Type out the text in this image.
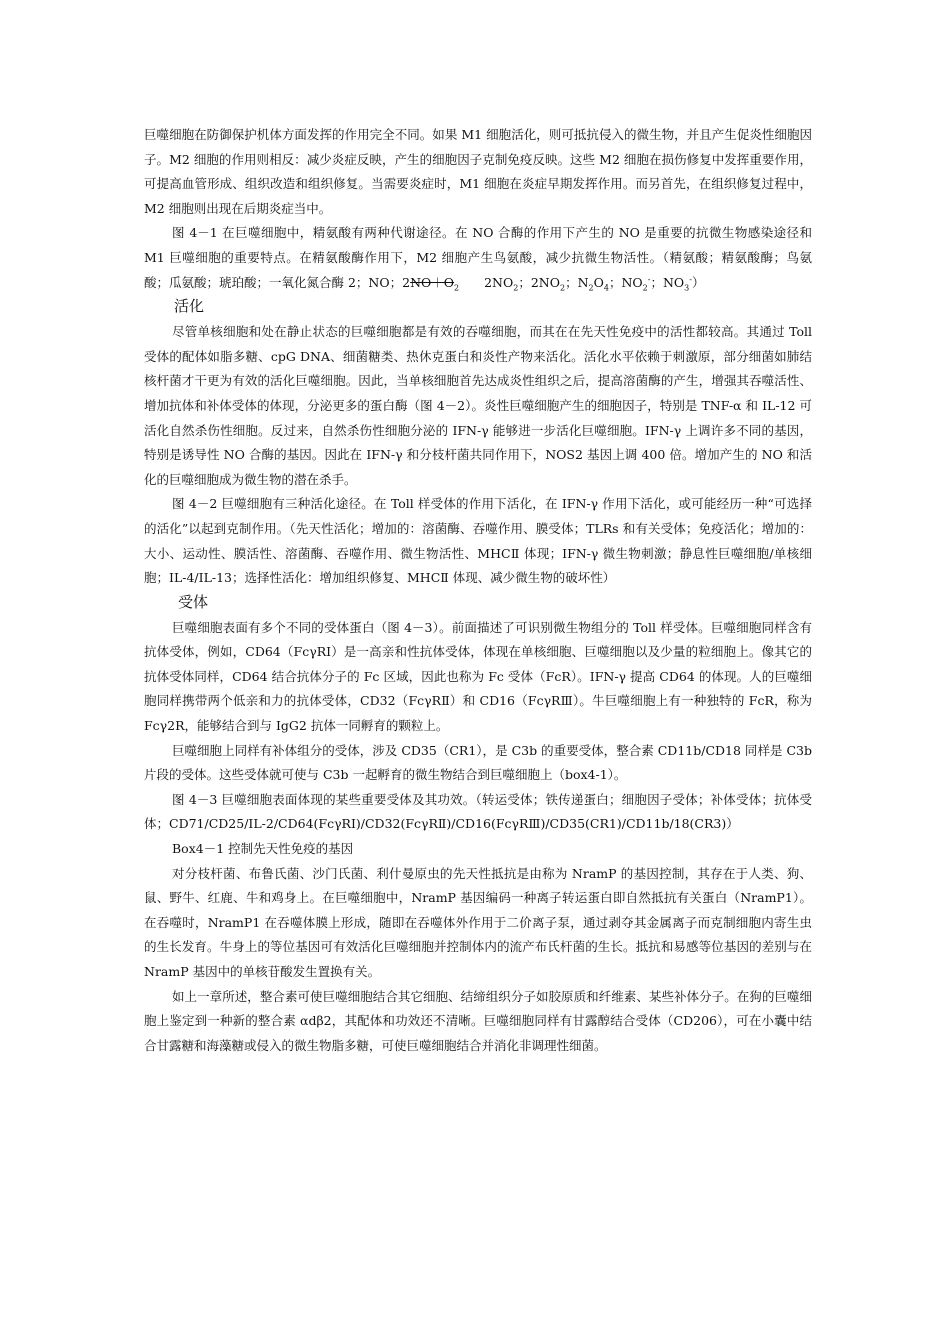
巨噬细胞在防御保护机体方面发挥的作用完全不同。如果 M1 细胞活化，则可抵抗侵入的微生物，并且产生促炎性细胞因子。M2 细胞的作用则相反：减少炎症反映，产生的细胞因子克制免疫反映。这些 M2 细胞在损伤修复中发挥重要作用，可提高血管形成、组织改造和组织修复。当需要炎症时，M1 细胞在炎症早期发挥作用。而另首先，在组织修复过程中，M2 细胞则出现在后期炎症当中。

图 4－1 在巨噬细胞中，精氨酸有两种代谢途径。在 NO 合酶的作用下产生的 NO 是重要的抗微生物感染途径和 M1 巨噬细胞的重要特点。在精氨酸酶作用下，M2 细胞产生鸟氨酸，减少抗微生物活性。（精氨酸；精氨酸酶；鸟氨酸；瓜氨酸；琥珀酸；一氧化氮合酶 2；NO；$2NO+O_2$　　$2NO_2$；$2NO_2$；$N_2O_4$；$NO_2^-$；$NO_3^-$）

活化

尽管单核细胞和处在静止状态的巨噬细胞都是有效的吞噬细胞，而其在在先天性免疫中的活性都较高。其通过 Toll 受体的配体如脂多糖、cpG DNA、细菌糖类、热休克蛋白和炎性产物来活化。活化水平依赖于刺激原，部分细菌如肺结核杆菌才干更为有效的活化巨噬细胞。因此，当单核细胞首先达成炎性组织之后，提高溶菌酶的产生，增强其吞噬活性、增加抗体和补体受体的体现，分泌更多的蛋白酶（图 4－2）。炎性巨噬细胞产生的细胞因子，特别是 TNF-α 和 IL-12 可活化自然杀伤性细胞。反过来，自然杀伤性细胞分泌的 IFN-γ 能够进一步活化巨噬细胞。IFN-γ 上调许多不同的基因，特别是诱导性 NO 合酶的基因。因此在 IFN-γ 和分枝杆菌共同作用下，NOS2 基因上调 400 倍。增加产生的 NO 和活化的巨噬细胞成为微生物的潜在杀手。

图 4－2 巨噬细胞有三种活化途径。在 Toll 样受体的作用下活化，在 IFN-γ 作用下活化，或可能经历一种“可选择的活化”以起到克制作用。（先天性活化；增加的：溶菌酶、吞噬作用、膜受体；TLRs 和有关受体；免疫活化；增加的：大小、运动性、膜活性、溶菌酶、吞噬作用、微生物活性、MHCⅡ 体现；IFN-γ 微生物刺激；静息性巨噬细胞/单核细胞；IL-4/IL-13；选择性活化：增加组织修复、MHCⅡ 体现、减少微生物的破坏性）

受体

巨噬细胞表面有多个不同的受体蛋白（图 4－3）。前面描述了可识别微生物组分的 Toll 样受体。巨噬细胞同样含有抗体受体，例如，CD64（FcγRI）是一高亲和性抗体受体，体现在单核细胞、巨噬细胞以及少量的粒细胞上。像其它的抗体受体同样，CD64 结合抗体分子的 Fc 区域，因此也称为 Fc 受体（FcR）。IFN-γ 提高 CD64 的体现。人的巨噬细胞同样携带两个低亲和力的抗体受体，CD32（FcγRⅡ）和 CD16（FcγRⅢ）。牛巨噬细胞上有一种独特的 FcR，称为 Fcγ2R，能够结合到与 IgG2 抗体一同孵育的颗粒上。

巨噬细胞上同样有补体组分的受体，涉及 CD35（CR1），是 C3b 的重要受体，整合素 CD11b/CD18 同样是 C3b 片段的受体。这些受体就可使与 C3b 一起孵育的微生物结合到巨噬细胞上（box4-1）。

图 4－3 巨噬细胞表面体现的某些重要受体及其功效。（转运受体；铁传递蛋白；细胞因子受体；补体受体；抗体受体；CD71/CD25/IL-2/CD64(FcγRI)/CD32(FcγRⅡ)/CD16(FcγRⅢ)/CD35(CR1)/CD11b/18(CR3)）

Box4－1 控制先天性免疫的基因

对分枝杆菌、布鲁氏菌、沙门氏菌、利什曼原虫的先天性抵抗是由称为 NramP 的基因控制，其存在于人类、狗、鼠、野牛、红鹿、牛和鸡身上。在巨噬细胞中，NramP 基因编码一种离子转运蛋白即自然抵抗有关蛋白（NramP1）。在吞噬时，NramP1 在吞噬体膜上形成，随即在吞噬体外作用于二价离子泵，通过剥夺其金属离子而克制细胞内寄生虫的生长发育。牛身上的等位基因可有效活化巨噬细胞并控制体内的流产布氏杆菌的生长。抵抗和易感等位基因的差别与在 NramP 基因中的单核苷酸发生置换有关。

如上一章所述，整合素可使巨噬细胞结合其它细胞、结缔组织分子如胶原质和纤维素、某些补体分子。在狗的巨噬细胞上鉴定到一种新的整合素 αdβ2，其配体和功效还不清晰。巨噬细胞同样有甘露醇结合受体（CD206），可在小囊中结合甘露糖和海藻糖或侵入的微生物脂多糖，可使巨噬细胞结合并消化非调理性细菌。
